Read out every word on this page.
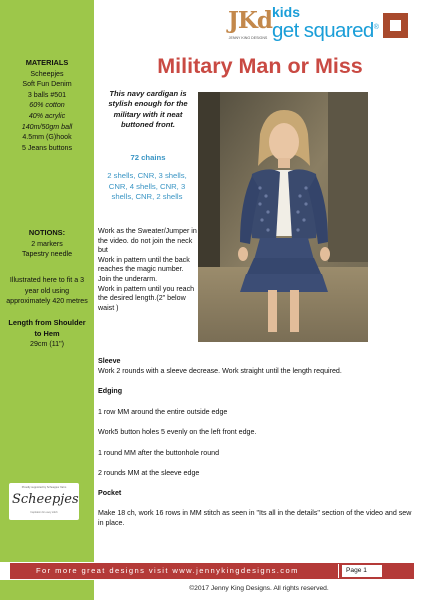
MATERIALS
Scheepjes
Soft Fun Denim
3 balls #501
60% cotton
40% acrylic
140m/50gm ball
4.5mm (G)hook
5 Jeans buttons
NOTIONS:
2 markers
Tapestry needle
Illustrated here to fit a 3 year old using approximately 420 metres
Length from Shoulder to Hem
29cm (11")
Proudly supported by Scheepjes Yarns
Scheepjes
Inspiration for every stitch
JKd
JENNY KING DESIGNS
kids
get squared®
Military Man or Miss
This navy cardigan is stylish enough for the military with it neat buttoned front.
72 chains
2 shells, CNR, 3 shells, CNR, 4 shells, CNR, 3 shells, CNR, 2 shells
Work as the Sweater/Jumper in the video. do not join the neck but
Work in pattern until the back reaches the magic number.
Join the underarm.
Work in pattern until you reach the desired length.(2" below waist )
Sleeve
Work 2 rounds with a sleeve decrease. Work straight until the length required.
Edging
1 row MM around the entire outside edge
Work5 button holes 5 evenly on the left front edge.
1 round MM after the buttonhole round
2 rounds MM at the sleeve edge
Pocket
Make 18 ch, work 16 rows in MM stitch as seen in "Its all in the details" section of the video and sew in place.
For more great designs visit www.jennykingdesigns.com	Page 1
©2017 Jenny King Designs. All rights reserved.
